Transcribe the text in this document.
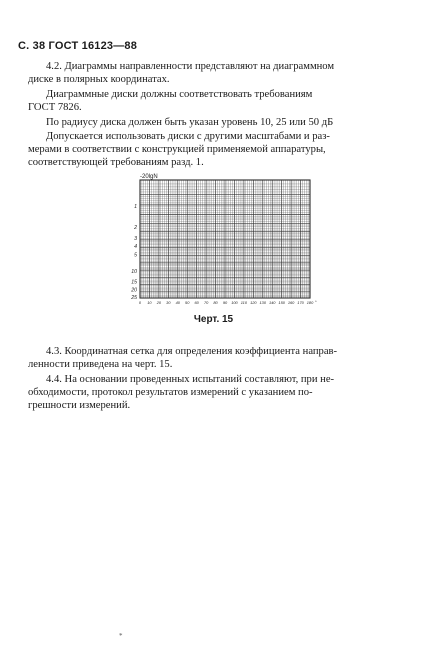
С. 38 ГОСТ 16123—88
4.2. Диаграммы направленности представляют на диаграммном
диске в полярных координатах.
Диаграммные диски должны соответствовать требованиям
ГОСТ 7826.
По радиусу диска должен быть указан уровень 10, 25 или 50 дБ
Допускается использовать диски с другими масштабами и раз-
мерами в соответствии с конструкцией применяемой аппаратуры,
соответствующей требованиям разд. 1.
-20lgN
1
2
3
4
5
10
15
20
25
0 10 20 30 40 50 60 70 80 90 100 110 120 130 140 150 160 170 180 °
Черт. 15
4.3. Координатная сетка для определения коэффициента направ-
ленности приведена на черт. 15.
4.4. На основании проведенных испытаний составляют, при не-
обходимости, протокол результатов измерений с указанием по-
грешности измерений.
*
